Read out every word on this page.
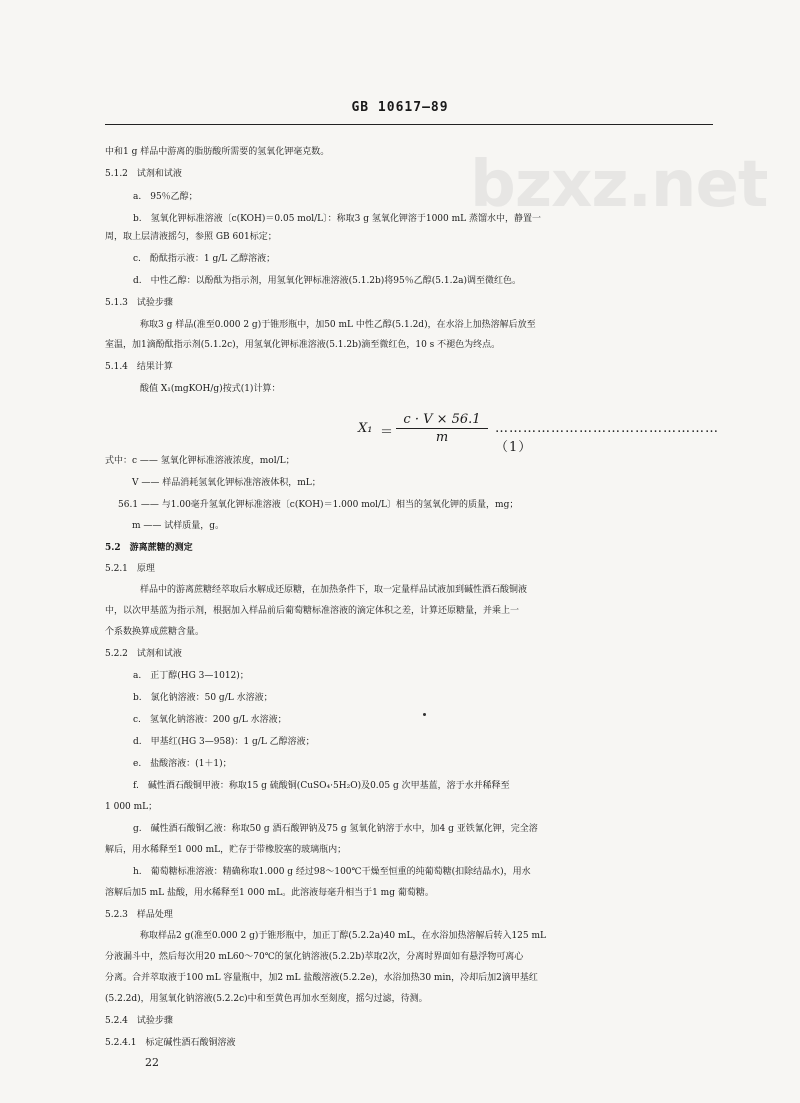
bzxz.net
GB 10617—89
中和1 g 样品中游离的脂肪酸所需要的氢氧化钾毫克数。
5.1.2　试剂和试液
a.　95％乙醇；
b.　氢氧化钾标准溶液〔c(KOH)＝0.05 mol/L〕：称取3 g 氢氧化钾溶于1000 mL 蒸馏水中，静置一
周，取上层清液摇匀，参照 GB 601标定；
c.　酚酞指示液：1 g/L 乙醇溶液；
d.　中性乙醇：以酚酞为指示剂，用氢氧化钾标准溶液(5.1.2b)将95％乙醇(5.1.2a)调至微红色。
5.1.3　试验步骤
称取3 g 样品(准至0.000 2 g)于锥形瓶中，加50 mL 中性乙醇(5.1.2d)，在水浴上加热溶解后放至
室温，加1滴酚酞指示剂(5.1.2c)，用氢氧化钾标准溶液(5.1.2b)滴至微红色，10 s 不褪色为终点。
5.1.4　结果计算
酸值 X₁(mgKOH/g)按式(1)计算：
X₁ ＝
c · V × 56.1
m
…………………………………………（1）
式中：c —— 氢氧化钾标准溶液浓度，mol/L；
V —— 样品消耗氢氧化钾标准溶液体积，mL；
56.1 —— 与1.00毫升氢氧化钾标准溶液〔c(KOH)＝1.000 mol/L〕相当的氢氧化钾的质量，mg；
m —— 试样质量，g。
5.2　游离蔗糖的测定
5.2.1　原理
样品中的游离蔗糖经萃取后水解成还原糖，在加热条件下，取一定量样品试液加到碱性酒石酸铜液
中，以次甲基蓝为指示剂，根据加入样品前后葡萄糖标准溶液的滴定体积之差，计算还原糖量，并乘上一
个系数换算成蔗糖含量。
5.2.2　试剂和试液
a.　正丁醇(HG 3—1012)；
b.　氯化钠溶液：50 g/L 水溶液；
c.　氢氧化钠溶液：200 g/L 水溶液；
d.　甲基红(HG 3—958)：1 g/L 乙醇溶液；
e.　盐酸溶液：(1＋1)；
f.　碱性酒石酸铜甲液：称取15 g 硫酸铜(CuSO₄·5H₂O)及0.05 g 次甲基蓝，溶于水并稀释至
1 000 mL；
g.　碱性酒石酸铜乙液：称取50 g 酒石酸钾钠及75 g 氢氧化钠溶于水中，加4 g 亚铁氰化钾，完全溶
解后，用水稀释至1 000 mL，贮存于带橡胶塞的玻璃瓶内；
h.　葡萄糖标准溶液：精确称取1.000 g 经过98～100℃干燥至恒重的纯葡萄糖(扣除结晶水)，用水
溶解后加5 mL 盐酸，用水稀释至1 000 mL。此溶液每毫升相当于1 mg 葡萄糖。
5.2.3　样品处理
称取样品2 g(准至0.000 2 g)于锥形瓶中，加正丁醇(5.2.2a)40 mL，在水浴加热溶解后转入125 mL
分液漏斗中，然后每次用20 mL60～70℃的氯化钠溶液(5.2.2b)萃取2次，分离时界面如有悬浮物可离心
分离。合并萃取液于100 mL 容量瓶中，加2 mL 盐酸溶液(5.2.2e)，水浴加热30 min，冷却后加2滴甲基红
(5.2.2d)，用氢氧化钠溶液(5.2.2c)中和至黄色再加水至刻度，摇匀过滤，待测。
5.2.4　试验步骤
5.2.4.1　标定碱性酒石酸铜溶液
22
